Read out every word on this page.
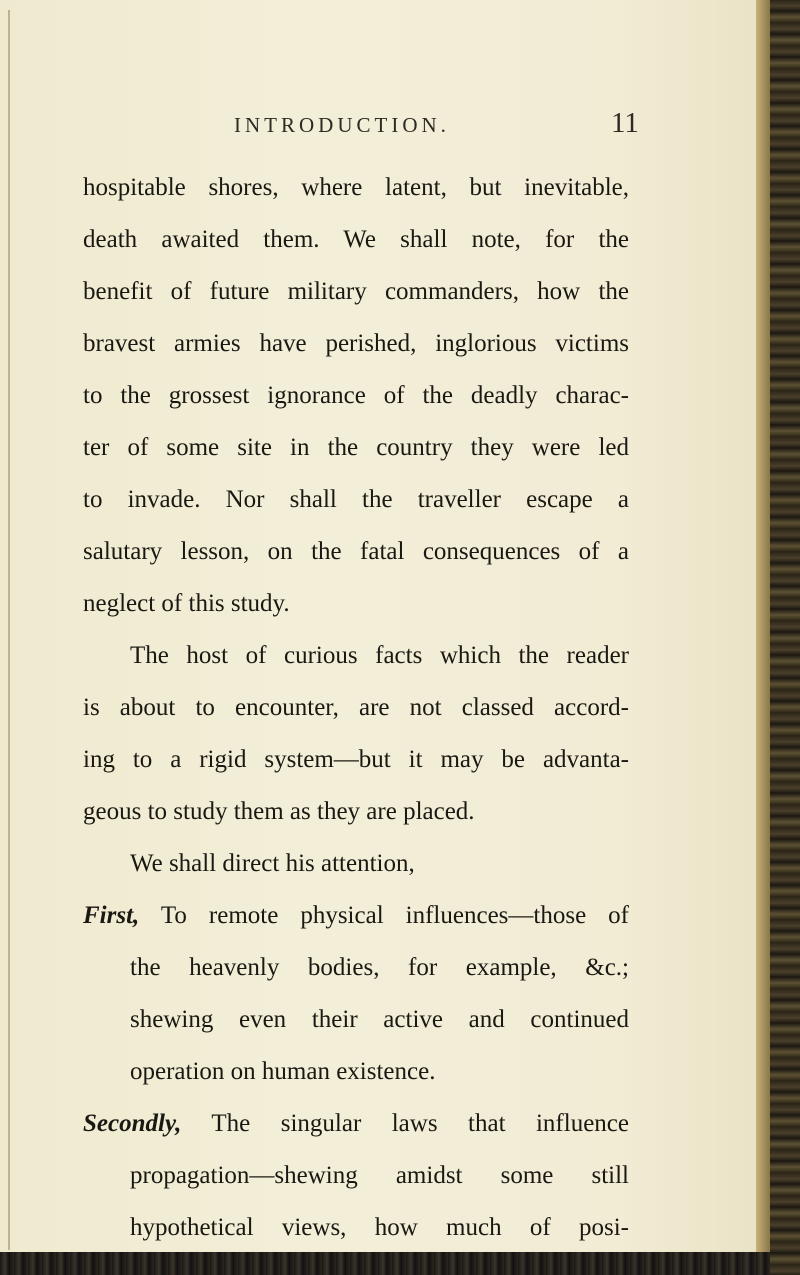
INTRODUCTION.	11
hospitable shores, where latent, but inevitable,
death awaited them. We shall note, for the
benefit of future military commanders, how the
bravest armies have perished, inglorious victims
to the grossest ignorance of the deadly charac-
ter of some site in the country they were led
to invade. Nor shall the traveller escape a
salutary lesson, on the fatal consequences of a
neglect of this study.
The host of curious facts which the reader
is about to encounter, are not classed accord-
ing to a rigid system—but it may be advanta-
geous to study them as they are placed.
We shall direct his attention,
First, To remote physical influences—those of
the heavenly bodies, for example, &c.;
shewing even their active and continued
operation on human existence.
Secondly, The singular laws that influence
propagation—shewing amidst some still
hypothetical views, how much of posi-
